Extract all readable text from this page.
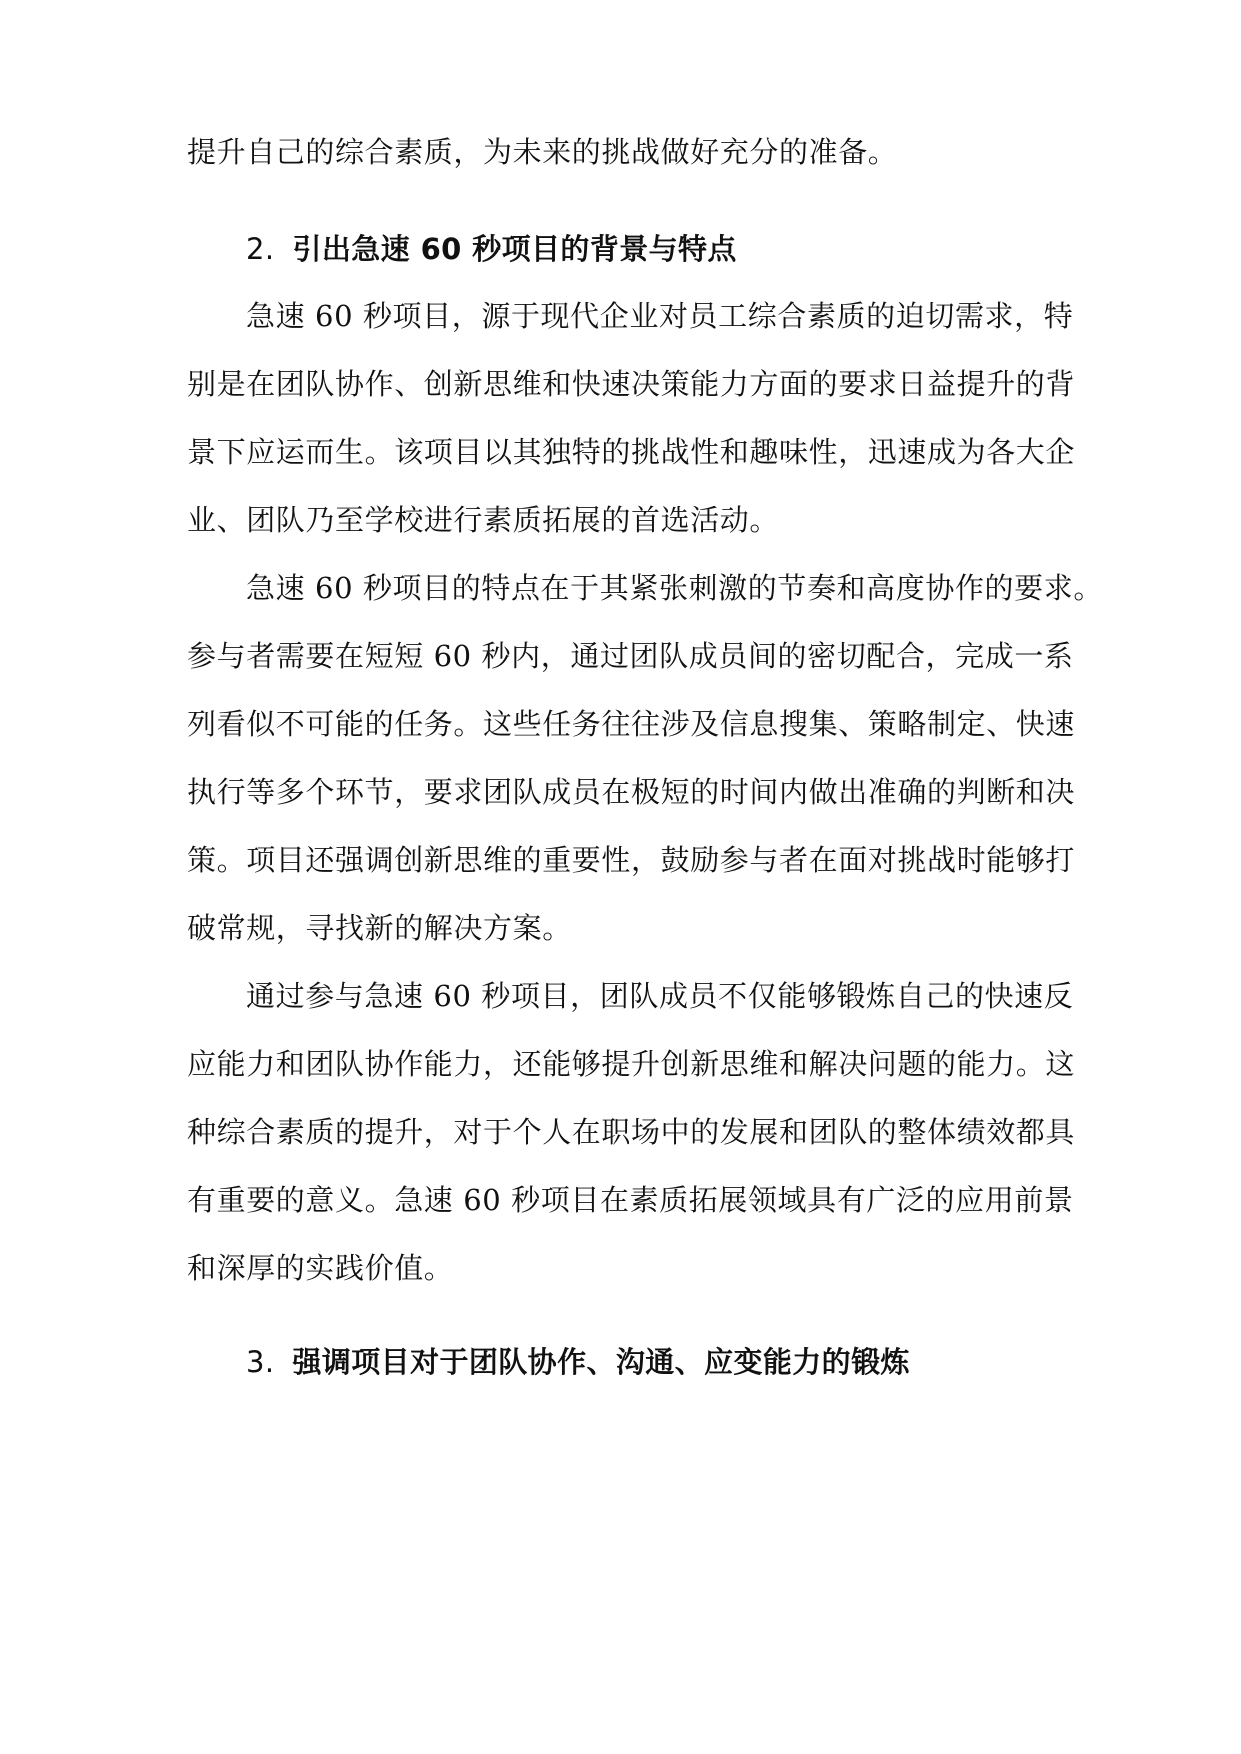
提升自己的综合素质，为未来的挑战做好充分的准备。
2. 引出急速 60 秒项目的背景与特点
急速 60 秒项目，源于现代企业对员工综合素质的迫切需求，特
别是在团队协作、创新思维和快速决策能力方面的要求日益提升的背
景下应运而生。该项目以其独特的挑战性和趣味性，迅速成为各大企
业、团队乃至学校进行素质拓展的首选活动。
急速 60 秒项目的特点在于其紧张刺激的节奏和高度协作的要求。
参与者需要在短短 60 秒内，通过团队成员间的密切配合，完成一系
列看似不可能的任务。这些任务往往涉及信息搜集、策略制定、快速
执行等多个环节，要求团队成员在极短的时间内做出准确的判断和决
策。项目还强调创新思维的重要性，鼓励参与者在面对挑战时能够打
破常规，寻找新的解决方案。
通过参与急速 60 秒项目，团队成员不仅能够锻炼自己的快速反
应能力和团队协作能力，还能够提升创新思维和解决问题的能力。这
种综合素质的提升，对于个人在职场中的发展和团队的整体绩效都具
有重要的意义。急速 60 秒项目在素质拓展领域具有广泛的应用前景
和深厚的实践价值。
3. 强调项目对于团队协作、沟通、应变能力的锻炼
